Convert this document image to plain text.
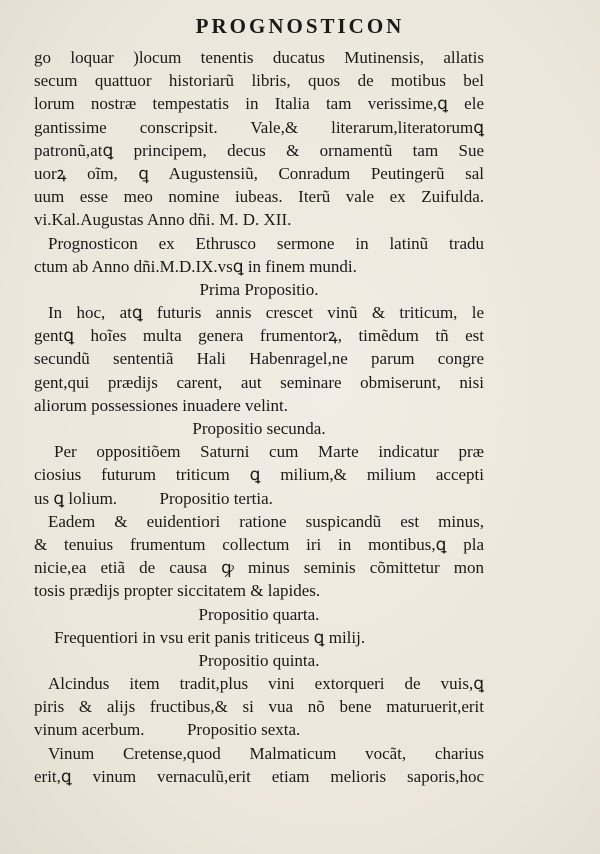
PROGNOSTICON
go loquar )locum tenentis ducatus Mutinensis, allatis
secum quattuor historiarũ libris, quos de motibus bel
lorum nostræ tempestatis in Italia tam verissime,ꝗ ele
gantissime conscripsit. Vale,& literarum,literatorumꝗ
patronũ,atꝗ principem, decus & ornamentũ tam Sue
uorꝝ oĩm, ꝗ Augustensiũ, Conradum Peutingerũ sal
uum esse meo nomine iubeas. Iterũ vale ex Zuifulda.
vi.Kal.Augustas Anno dñi. M. D. XII.
Prognosticon ex Ethrusco sermone in latinũ tradu
ctum ab Anno dñi.M.D.IX.vsꝗ in finem mundi.
Prima Propositio.
In hoc, atꝗ futuris annis crescet vinũ & triticum, le
gentꝗ hoĩes multa genera frumentorꝝ, timẽdum tñ est
secundũ sententiã Hali Habenragel,ne parum congre
gent,qui prædijs carent, aut seminare obmiserunt, nisi
aliorum possessiones inuadere velint.
Propositio secunda.
Per oppositiõem Saturni cum Marte indicatur præ
ciosius futurum triticum ꝗ milium,& milium accepti
us ꝗ lolium.          Propositio tertia.
Eadem & euidentiori ratione suspicandũ est minus,
& tenuius frumentum collectum iri in montibus,ꝗ pla
nicie,ea etiã de causa ꝙ minus seminis cõmittetur mon
tosis prædijs propter siccitatem & lapides.
Propositio quarta.
Frequentiori in vsu erit panis triticeus ꝗ milij.
Propositio quinta.
Alcindus item tradit,plus vini extorqueri de vuis,ꝗ
piris & alijs fructibus,& si vua nõ bene maturuerit,erit
vinum acerbum.          Propositio sexta.
Vinum Cretense,quod Malmaticum vocãt, charius
erit,ꝗ vinum vernaculũ,erit etiam melioris saporis,hoc
